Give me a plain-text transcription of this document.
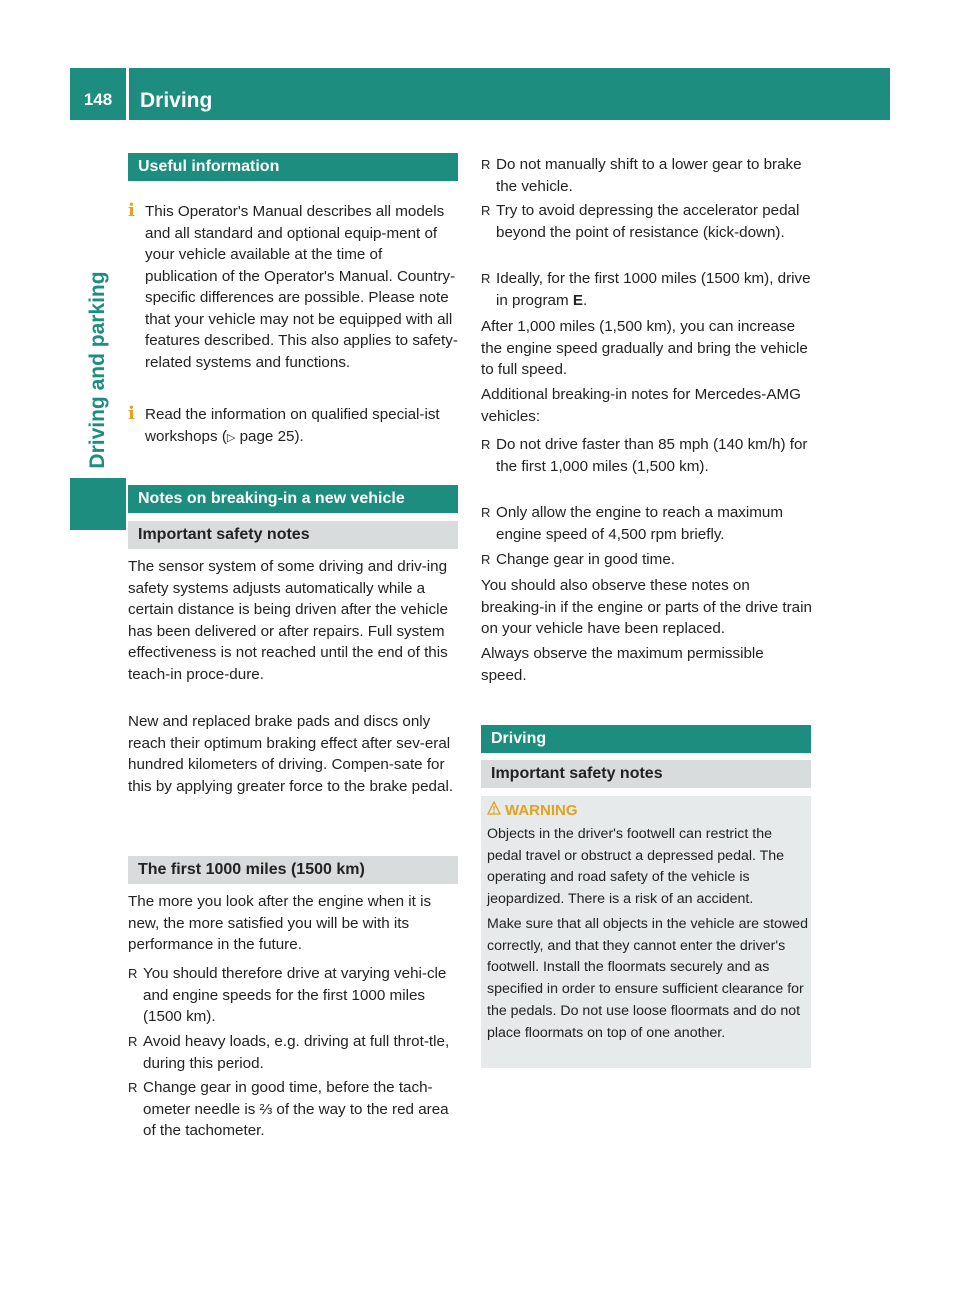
148	Driving
Driving and parking
Useful information
i This Operator's Manual describes all models and all standard and optional equip-ment of your vehicle available at the time of publication of the Operator's Manual. Country-specific differences are possible. Please note that your vehicle may not be equipped with all features described. This also applies to safety-related systems and functions.
i Read the information on qualified special-ist workshops (▷ page 25).
Notes on breaking-in a new vehicle
Important safety notes
The sensor system of some driving and driv-ing safety systems adjusts automatically while a certain distance is being driven after the vehicle has been delivered or after repairs. Full system effectiveness is not reached until the end of this teach-in proce-dure.
New and replaced brake pads and discs only reach their optimum braking effect after sev-eral hundred kilometers of driving. Compen-sate for this by applying greater force to the brake pedal.
The first 1000 miles (1500 km)
The more you look after the engine when it is new, the more satisfied you will be with its performance in the future.
R You should therefore drive at varying vehi-cle and engine speeds for the first 1000 miles (1500 km).
R Avoid heavy loads, e.g. driving at full throt-tle, during this period.
R Change gear in good time, before the tach-ometer needle is ⅔ of the way to the red area of the tachometer.
R Do not manually shift to a lower gear to brake the vehicle.
R Try to avoid depressing the accelerator pedal beyond the point of resistance (kick-down).
R Ideally, for the first 1000 miles (1500 km), drive in program E.
After 1,000 miles (1,500 km), you can increase the engine speed gradually and bring the vehicle to full speed.
Additional breaking-in notes for Mercedes-AMG vehicles:
R Do not drive faster than 85 mph (140 km/h) for the first 1,000 miles (1,500 km).
R Only allow the engine to reach a maximum engine speed of 4,500 rpm briefly.
R Change gear in good time.
You should also observe these notes on breaking-in if the engine or parts of the drive train on your vehicle have been replaced.
Always observe the maximum permissible speed.
Driving
Important safety notes
WARNING
Objects in the driver's footwell can restrict the pedal travel or obstruct a depressed pedal. The operating and road safety of the vehicle is jeopardized. There is a risk of an accident.
Make sure that all objects in the vehicle are stowed correctly, and that they cannot enter the driver's footwell. Install the floormats securely and as specified in order to ensure sufficient clearance for the pedals. Do not use loose floormats and do not place floormats on top of one another.
